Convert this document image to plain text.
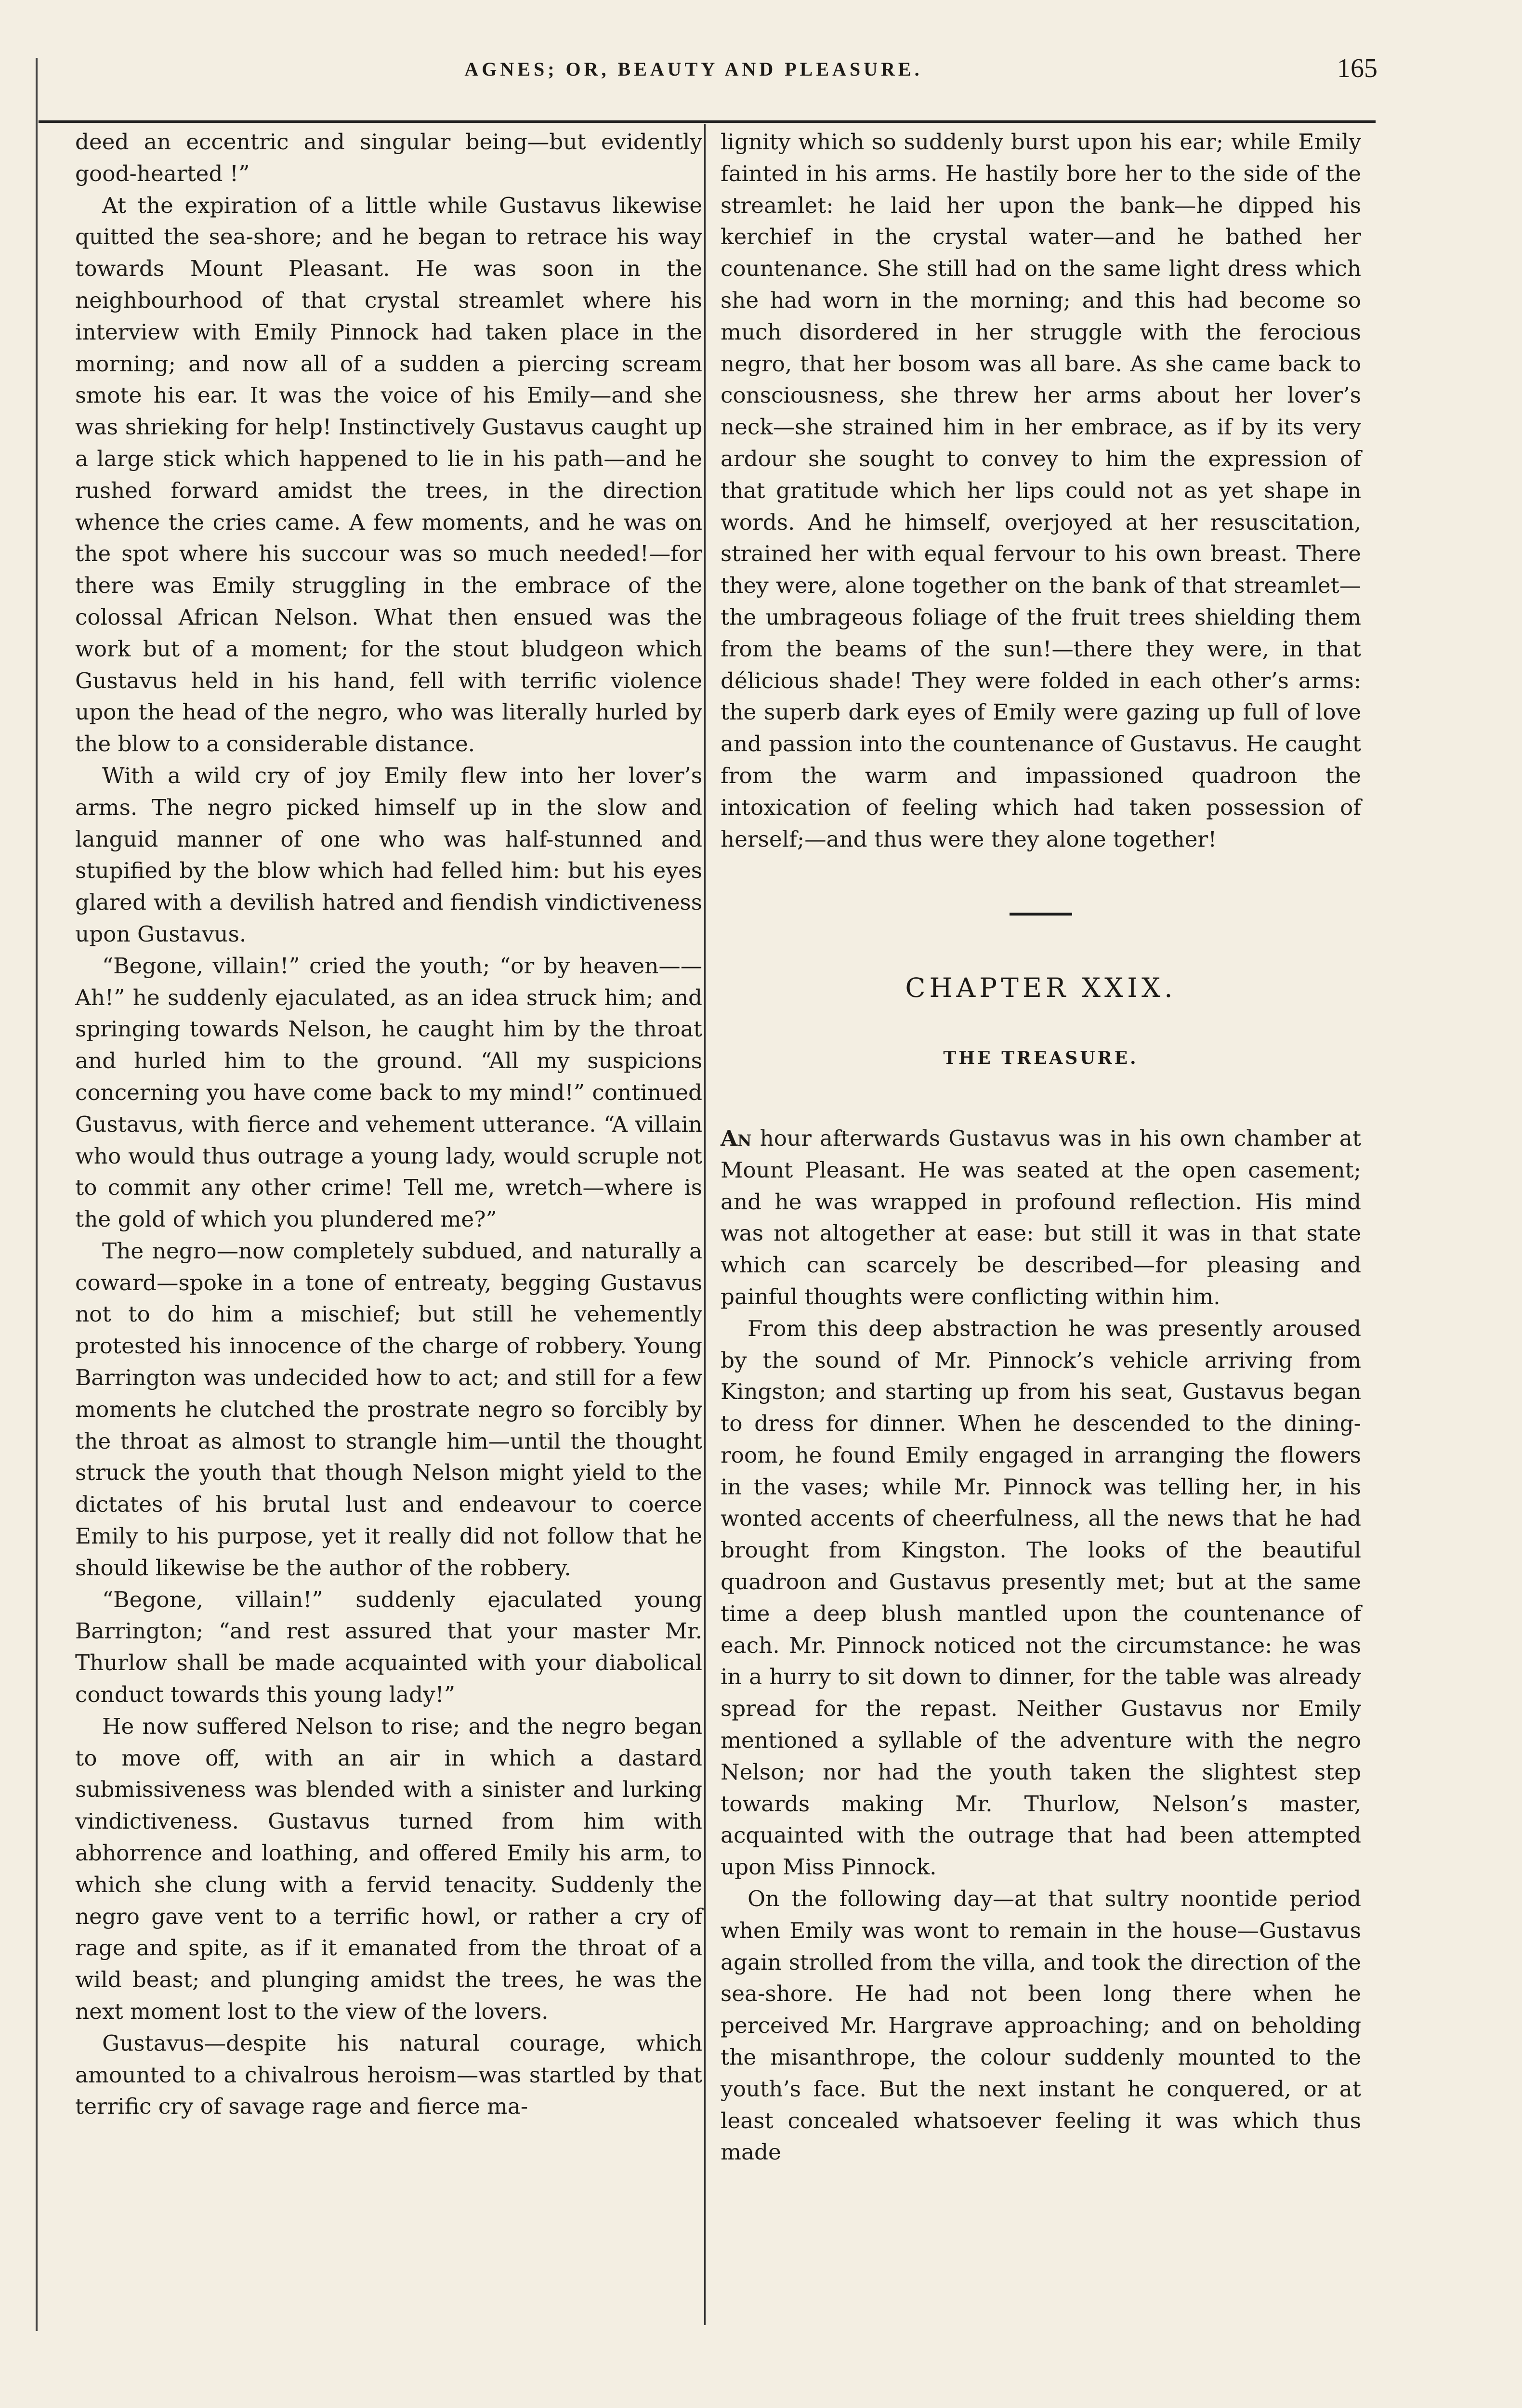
AGNES; OR, BEAUTY AND PLEASURE.	165

deed an eccentric and singular being—but evidently good-hearted !”

At the expiration of a little while Gustavus likewise quitted the sea-shore; and he began to retrace his way towards Mount Pleasant. He was soon in the neighbourhood of that crystal streamlet where his interview with Emily Pinnock had taken place in the morning; and now all of a sudden a piercing scream smote his ear. It was the voice of his Emily—and she was shrieking for help! Instinctively Gustavus caught up a large stick which happened to lie in his path—and he rushed forward amidst the trees, in the direction whence the cries came. A few moments, and he was on the spot where his succour was so much needed!—for there was Emily struggling in the embrace of the colossal African Nelson. What then ensued was the work but of a moment; for the stout bludgeon which Gustavus held in his hand, fell with terrific violence upon the head of the negro, who was literally hurled by the blow to a considerable distance.

With a wild cry of joy Emily flew into her lover’s arms. The negro picked himself up in the slow and languid manner of one who was half-stunned and stupified by the blow which had felled him: but his eyes glared with a devilish hatred and fiendish vindictiveness upon Gustavus.

“Begone, villain!” cried the youth; “or by heaven——Ah!” he suddenly ejaculated, as an idea struck him; and springing towards Nelson, he caught him by the throat and hurled him to the ground. “All my suspicions concerning you have come back to my mind!” continued Gustavus, with fierce and vehement utterance. “A villain who would thus outrage a young lady, would scruple not to commit any other crime! Tell me, wretch—where is the gold of which you plundered me?”

The negro—now completely subdued, and naturally a coward—spoke in a tone of entreaty, begging Gustavus not to do him a mischief; but still he vehemently protested his innocence of the charge of robbery. Young Barrington was undecided how to act; and still for a few moments he clutched the prostrate negro so forcibly by the throat as almost to strangle him—until the thought struck the youth that though Nelson might yield to the dictates of his brutal lust and endeavour to coerce Emily to his purpose, yet it really did not follow that he should likewise be the author of the robbery.

“Begone, villain!” suddenly ejaculated young Barrington; “and rest assured that your master Mr. Thurlow shall be made acquainted with your diabolical conduct towards this young lady!”

He now suffered Nelson to rise; and the negro began to move off, with an air in which a dastard submissiveness was blended with a sinister and lurking vindictiveness. Gustavus turned from him with abhorrence and loathing, and offered Emily his arm, to which she clung with a fervid tenacity. Suddenly the negro gave vent to a terrific howl, or rather a cry of rage and spite, as if it emanated from the throat of a wild beast; and plunging amidst the trees, he was the next moment lost to the view of the lovers.

Gustavus—despite his natural courage, which amounted to a chivalrous heroism—was startled by that terrific cry of savage rage and fierce ma-

lignity which so suddenly burst upon his ear; while Emily fainted in his arms. He hastily bore her to the side of the streamlet: he laid her upon the bank—he dipped his kerchief in the crystal water—and he bathed her countenance. She still had on the same light dress which she had worn in the morning; and this had become so much disordered in her struggle with the ferocious negro, that her bosom was all bare. As she came back to consciousness, she threw her arms about her lover’s neck—she strained him in her embrace, as if by its very ardour she sought to convey to him the expression of that gratitude which her lips could not as yet shape in words. And he himself, overjoyed at her resuscitation, strained her with equal fervour to his own breast. There they were, alone together on the bank of that streamlet—the umbrageous foliage of the fruit trees shielding them from the beams of the sun!—there they were, in that délicious shade! They were folded in each other’s arms: the superb dark eyes of Emily were gazing up full of love and passion into the countenance of Gustavus. He caught from the warm and impassioned quadroon the intoxication of feeling which had taken possession of herself;—and thus were they alone together!

CHAPTER XXIX.
THE TREASURE.

An hour afterwards Gustavus was in his own chamber at Mount Pleasant. He was seated at the open casement; and he was wrapped in profound reflection. His mind was not altogether at ease: but still it was in that state which can scarcely be described—for pleasing and painful thoughts were conflicting within him.

From this deep abstraction he was presently aroused by the sound of Mr. Pinnock’s vehicle arriving from Kingston; and starting up from his seat, Gustavus began to dress for dinner. When he descended to the dining-room, he found Emily engaged in arranging the flowers in the vases; while Mr. Pinnock was telling her, in his wonted accents of cheerfulness, all the news that he had brought from Kingston. The looks of the beautiful quadroon and Gustavus presently met; but at the same time a deep blush mantled upon the countenance of each. Mr. Pinnock noticed not the circumstance: he was in a hurry to sit down to dinner, for the table was already spread for the repast. Neither Gustavus nor Emily mentioned a syllable of the adventure with the negro Nelson; nor had the youth taken the slightest step towards making Mr. Thurlow, Nelson’s master, acquainted with the outrage that had been attempted upon Miss Pinnock.

On the following day—at that sultry noontide period when Emily was wont to remain in the house—Gustavus again strolled from the villa, and took the direction of the sea-shore. He had not been long there when he perceived Mr. Hargrave approaching; and on beholding the misanthrope, the colour suddenly mounted to the youth’s face. But the next instant he conquered, or at least concealed whatsoever feeling it was which thus made
